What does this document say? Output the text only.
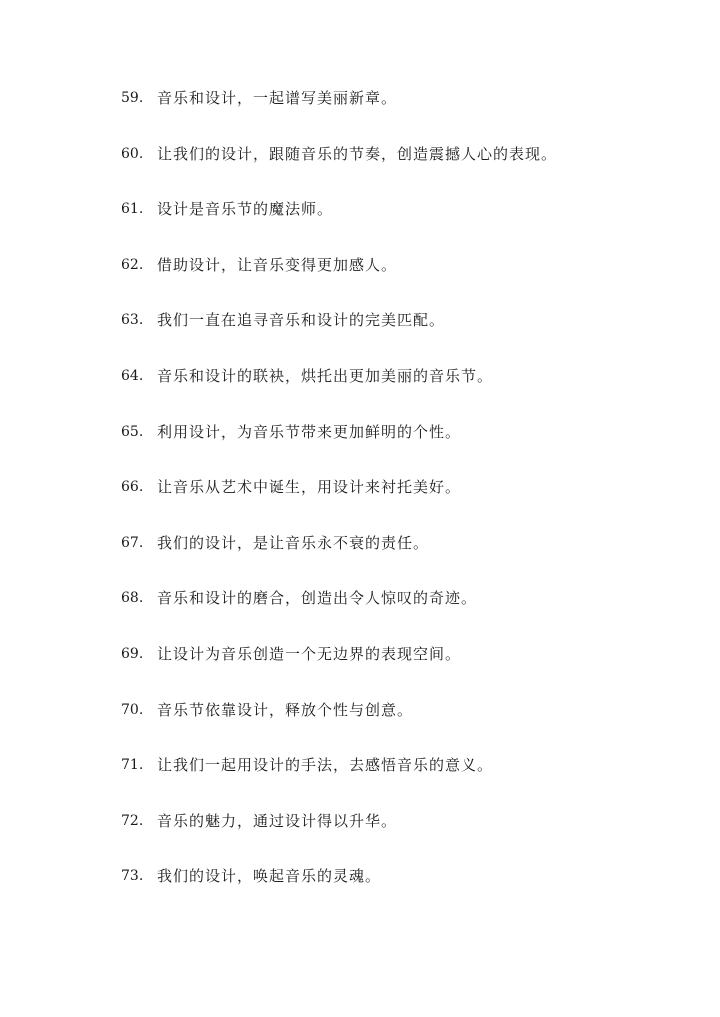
59. 音乐和设计，一起谱写美丽新章。
60. 让我们的设计，跟随音乐的节奏，创造震撼人心的表现。
61. 设计是音乐节的魔法师。
62. 借助设计，让音乐变得更加感人。
63. 我们一直在追寻音乐和设计的完美匹配。
64. 音乐和设计的联袂，烘托出更加美丽的音乐节。
65. 利用设计，为音乐节带来更加鲜明的个性。
66. 让音乐从艺术中诞生，用设计来衬托美好。
67. 我们的设计，是让音乐永不衰的责任。
68. 音乐和设计的磨合，创造出令人惊叹的奇迹。
69. 让设计为音乐创造一个无边界的表现空间。
70. 音乐节依靠设计，释放个性与创意。
71. 让我们一起用设计的手法，去感悟音乐的意义。
72. 音乐的魅力，通过设计得以升华。
73. 我们的设计，唤起音乐的灵魂。
